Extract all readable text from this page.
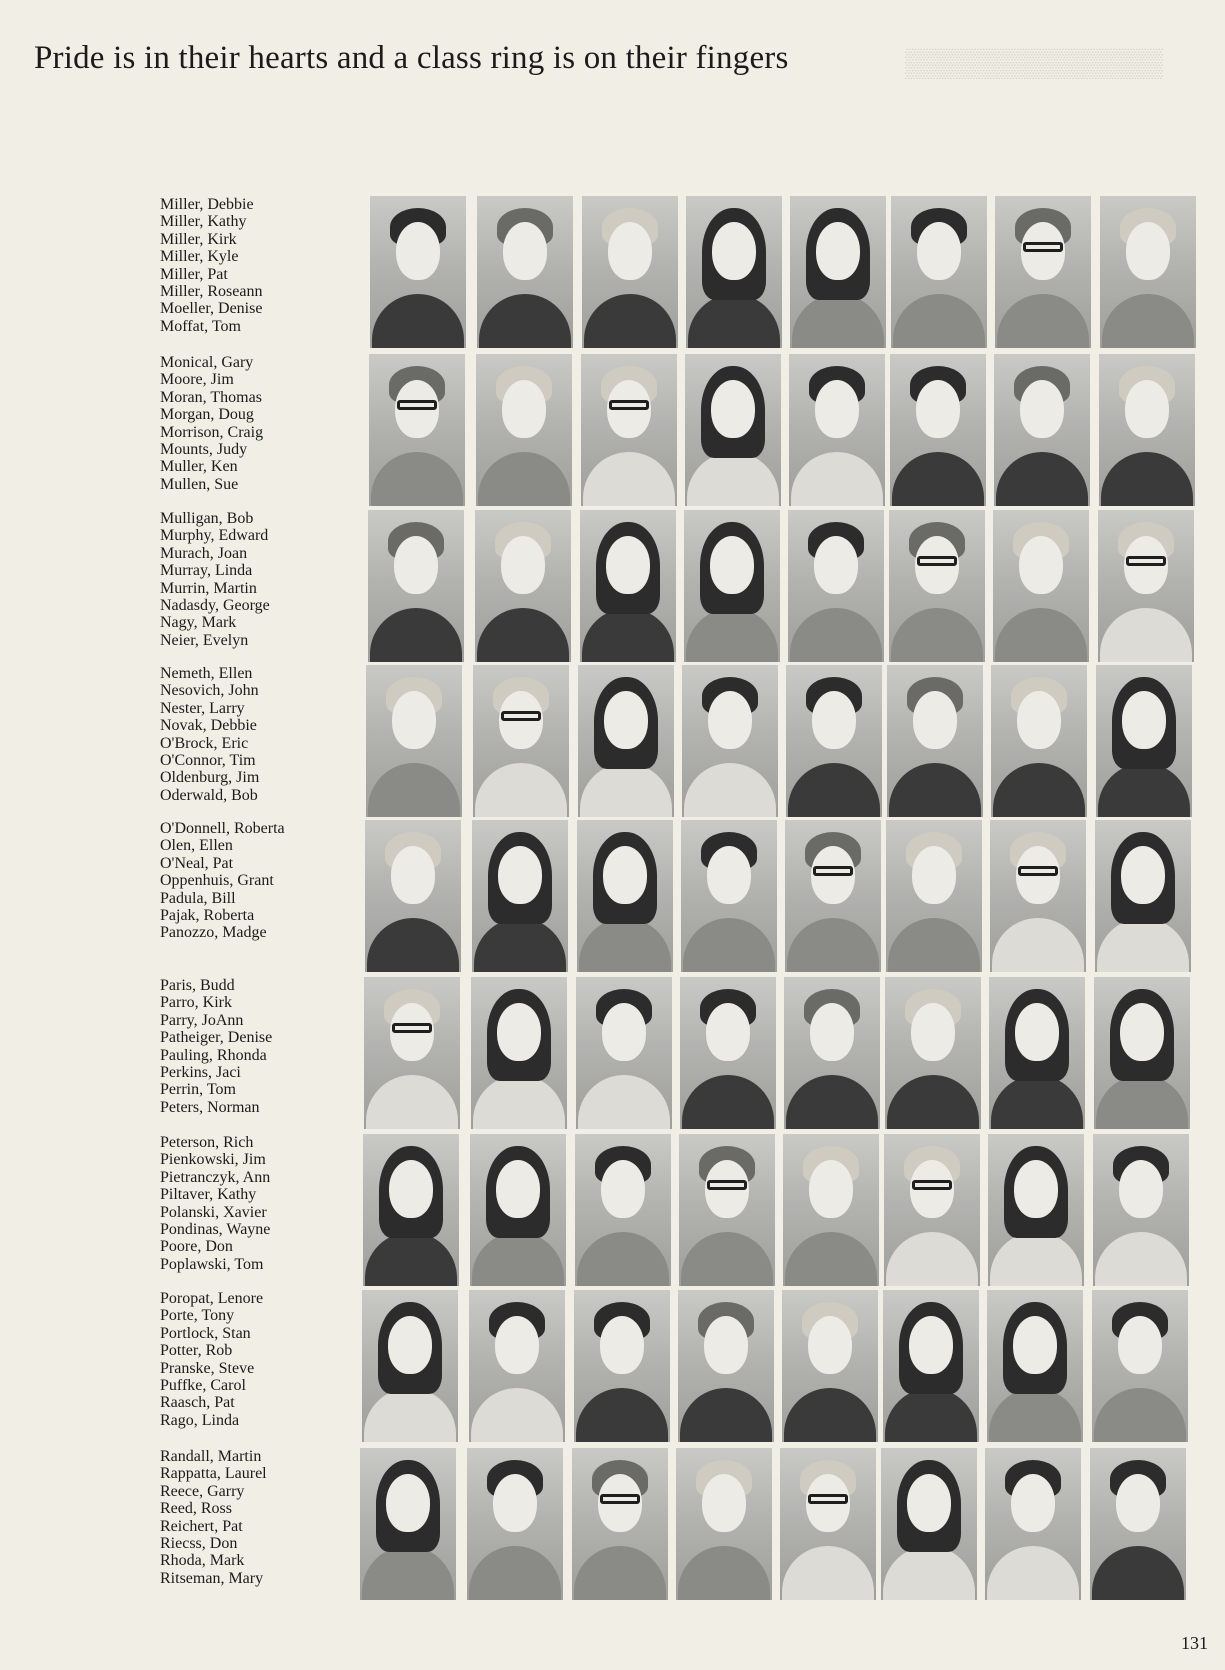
Pride is in their hearts and a class ring is on their fingers	▒▒▒▒▒▒▒▒▒▒▒▒▒
Miller, Debbie
Miller, Kathy
Miller, Kirk
Miller, Kyle
Miller, Pat
Miller, Roseann
Moeller, Denise
Moffat, Tom
Monical, Gary
Moore, Jim
Moran, Thomas
Morgan, Doug
Morrison, Craig
Mounts, Judy
Muller, Ken
Mullen, Sue
Mulligan, Bob
Murphy, Edward
Murach, Joan
Murray, Linda
Murrin, Martin
Nadasdy, George
Nagy, Mark
Neier, Evelyn
Nemeth, Ellen
Nesovich, John
Nester, Larry
Novak, Debbie
O'Brock, Eric
O'Connor, Tim
Oldenburg, Jim
Oderwald, Bob
O'Donnell, Roberta
Olen, Ellen
O'Neal, Pat
Oppenhuis, Grant
Padula, Bill
Pajak, Roberta
Panozzo, Madge
Paris, Budd
Parro, Kirk
Parry, JoAnn
Patheiger, Denise
Pauling, Rhonda
Perkins, Jaci
Perrin, Tom
Peters, Norman
Peterson, Rich
Pienkowski, Jim
Pietranczyk, Ann
Piltaver, Kathy
Polanski, Xavier
Pondinas, Wayne
Poore, Don
Poplawski, Tom
Poropat, Lenore
Porte, Tony
Portlock, Stan
Potter, Rob
Pranske, Steve
Puffke, Carol
Raasch, Pat
Rago, Linda
Randall, Martin
Rappatta, Laurel
Reece, Garry
Reed, Ross
Reichert, Pat
Riecss, Don
Rhoda, Mark
Ritseman, Mary
131
